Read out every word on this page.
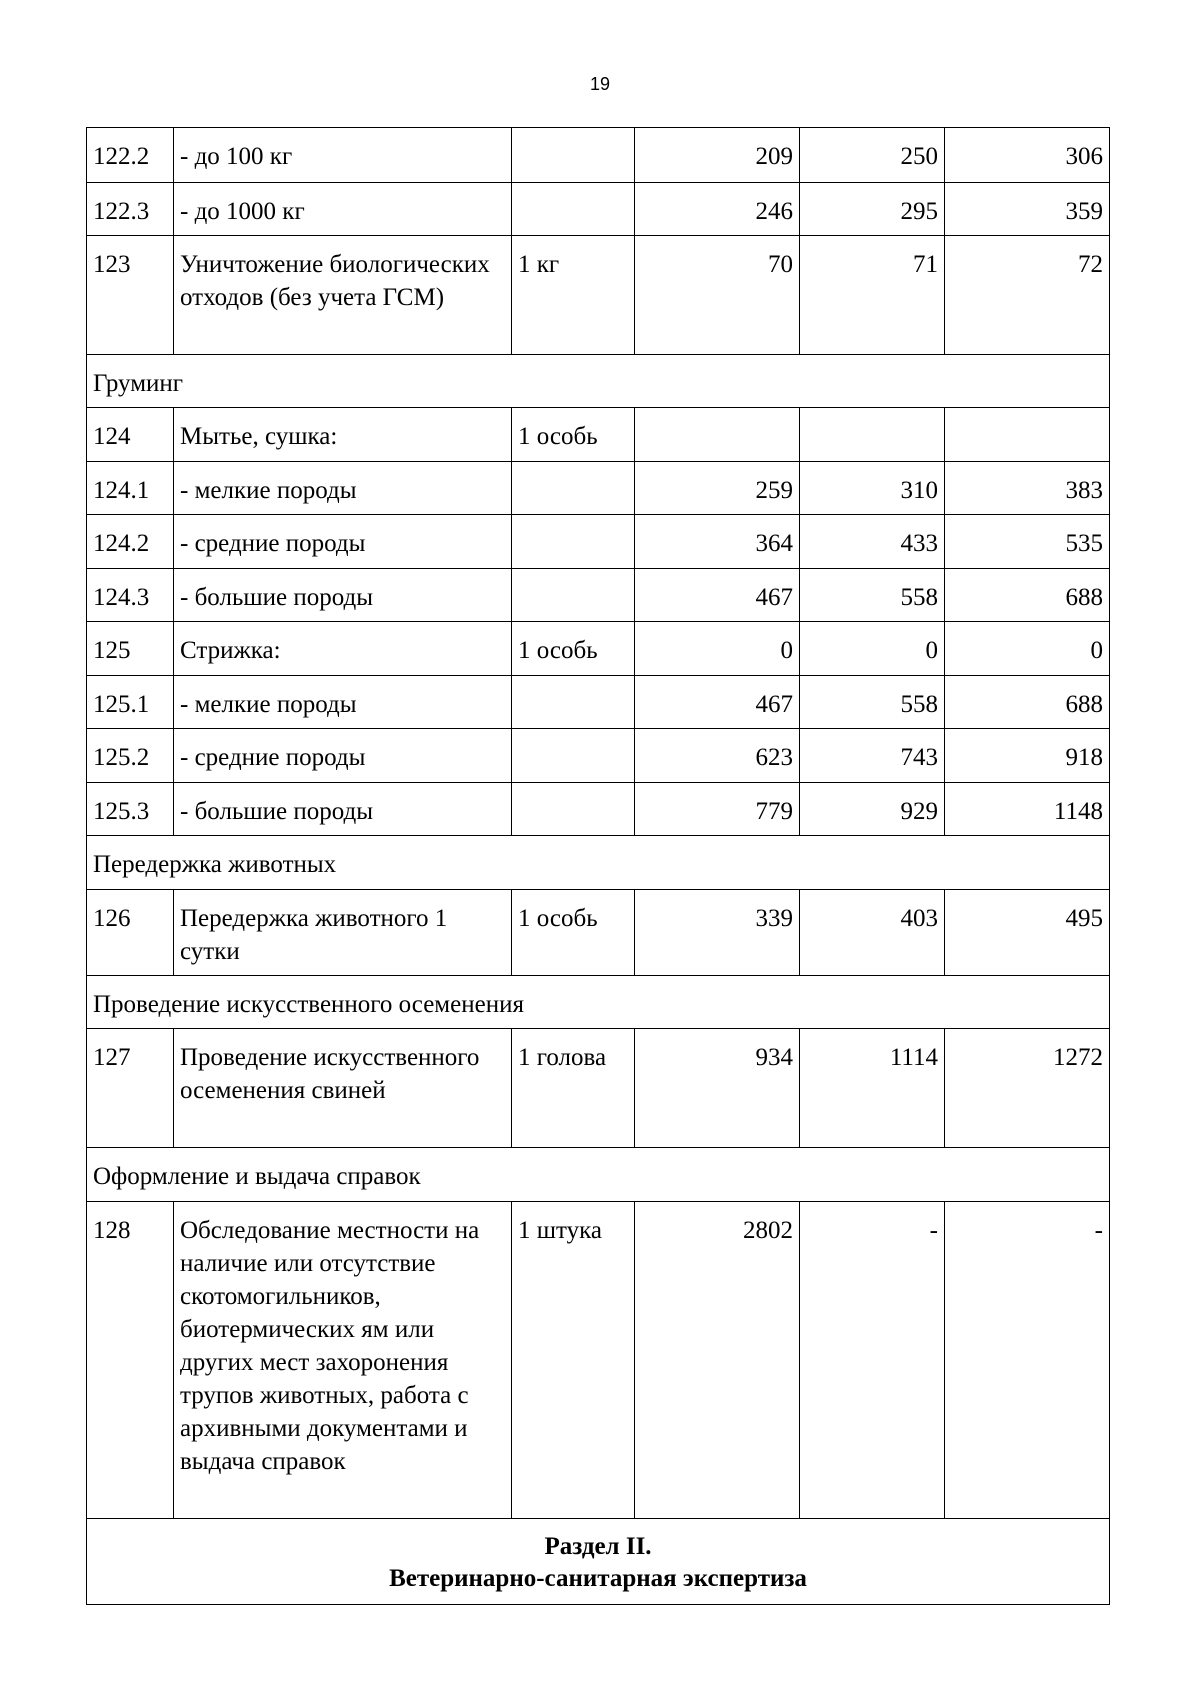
19
122.2	- до 100 кг		209	250	306
122.3	- до 1000 кг		246	295	359
123	Уничтожение биологических отходов (без учета ГСМ)	1 кг	70	71	72
Груминг					
124	Мытье, сушка:	1 особь			
124.1	- мелкие породы		259	310	383
124.2	- средние породы		364	433	535
124.3	- большие породы		467	558	688
125	Стрижка:	1 особь	0	0	0
125.1	- мелкие породы		467	558	688
125.2	- средние породы		623	743	918
125.3	- большие породы		779	929	1148
Передержка животных					
126	Передержка животного 1 сутки	1 особь	339	403	495
Проведение искусственного осеменения					
127	Проведение искусственного осеменения свиней	1 голова	934	1114	1272
Оформление и выдача справок					
128	Обследование местности на наличие или отсутствие скотомогильников, биотермических ям или других мест захоронения трупов животных, работа с архивными документами и выдача справок	1 штука	2802	-	-

Раздел II.
Ветеринарно-санитарная экспертиза					
